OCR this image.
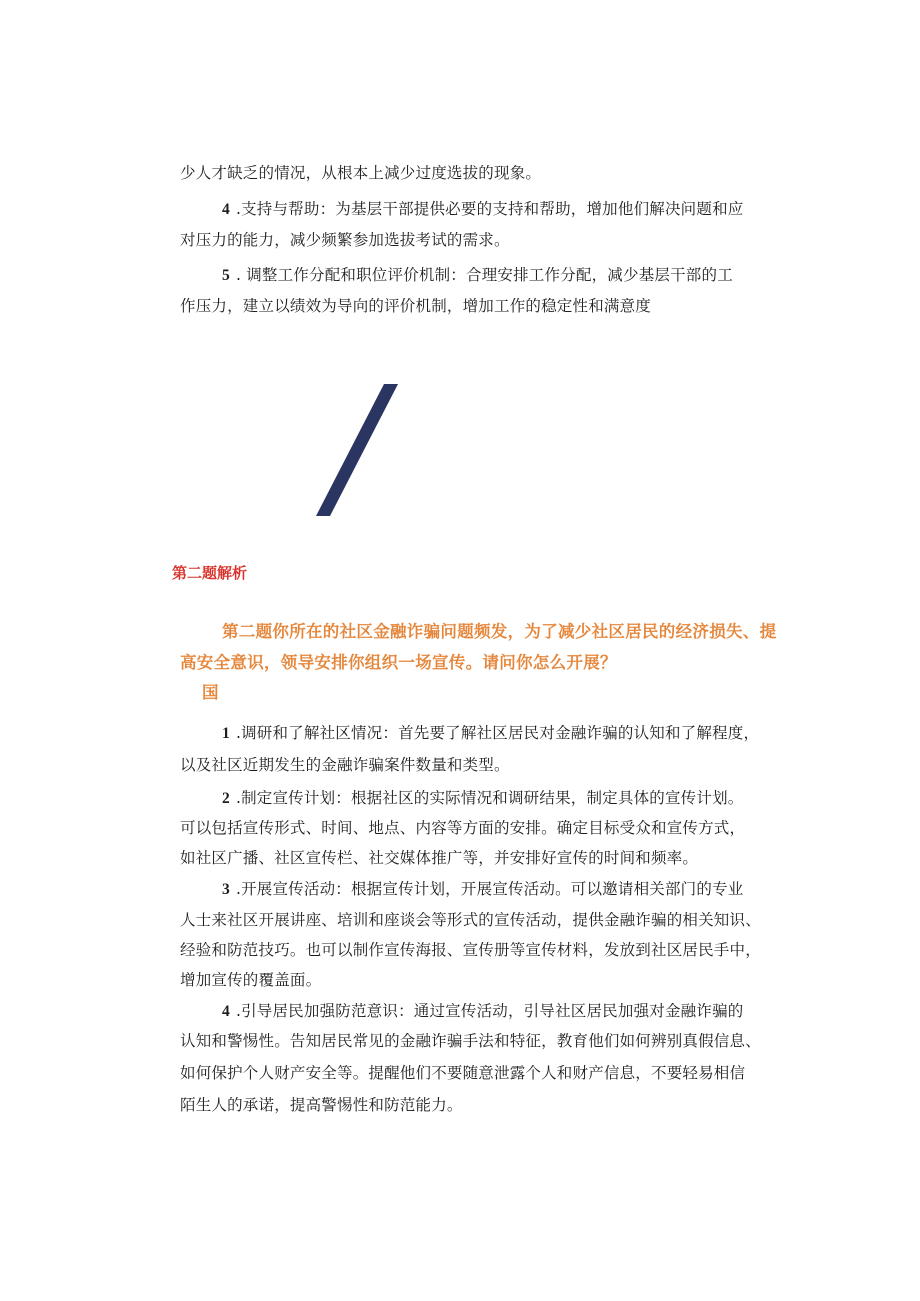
少人才缺乏的情况，从根本上减少过度选拔的现象。
4 .支持与帮助：为基层干部提供必要的支持和帮助，增加他们解决问题和应
对压力的能力，减少频繁参加选拔考试的需求。
5 . 调整工作分配和职位评价机制：合理安排工作分配，减少基层干部的工
作压力，建立以绩效为导向的评价机制，增加工作的稳定性和满意度
第二题解析
第二题你所在的社区金融诈骗问题频发，为了减少社区居民的经济损失、提
高安全意识，领导安排你组织一场宣传。请问你怎么开展？
国
1 .调研和了解社区情况：首先要了解社区居民对金融诈骗的认知和了解程度，
以及社区近期发生的金融诈骗案件数量和类型。
2 .制定宣传计划：根据社区的实际情况和调研结果，制定具体的宣传计划。
可以包括宣传形式、时间、地点、内容等方面的安排。确定目标受众和宣传方式，
如社区广播、社区宣传栏、社交媒体推广等，并安排好宣传的时间和频率。
3 .开展宣传活动：根据宣传计划，开展宣传活动。可以邀请相关部门的专业
人士来社区开展讲座、培训和座谈会等形式的宣传活动，提供金融诈骗的相关知识、
经验和防范技巧。也可以制作宣传海报、宣传册等宣传材料，发放到社区居民手中，
增加宣传的覆盖面。
4 .引导居民加强防范意识：通过宣传活动，引导社区居民加强对金融诈骗的
认知和警惕性。告知居民常见的金融诈骗手法和特征，教育他们如何辨别真假信息、
如何保护个人财产安全等。提醒他们不要随意泄露个人和财产信息，不要轻易相信
陌生人的承诺，提高警惕性和防范能力。
